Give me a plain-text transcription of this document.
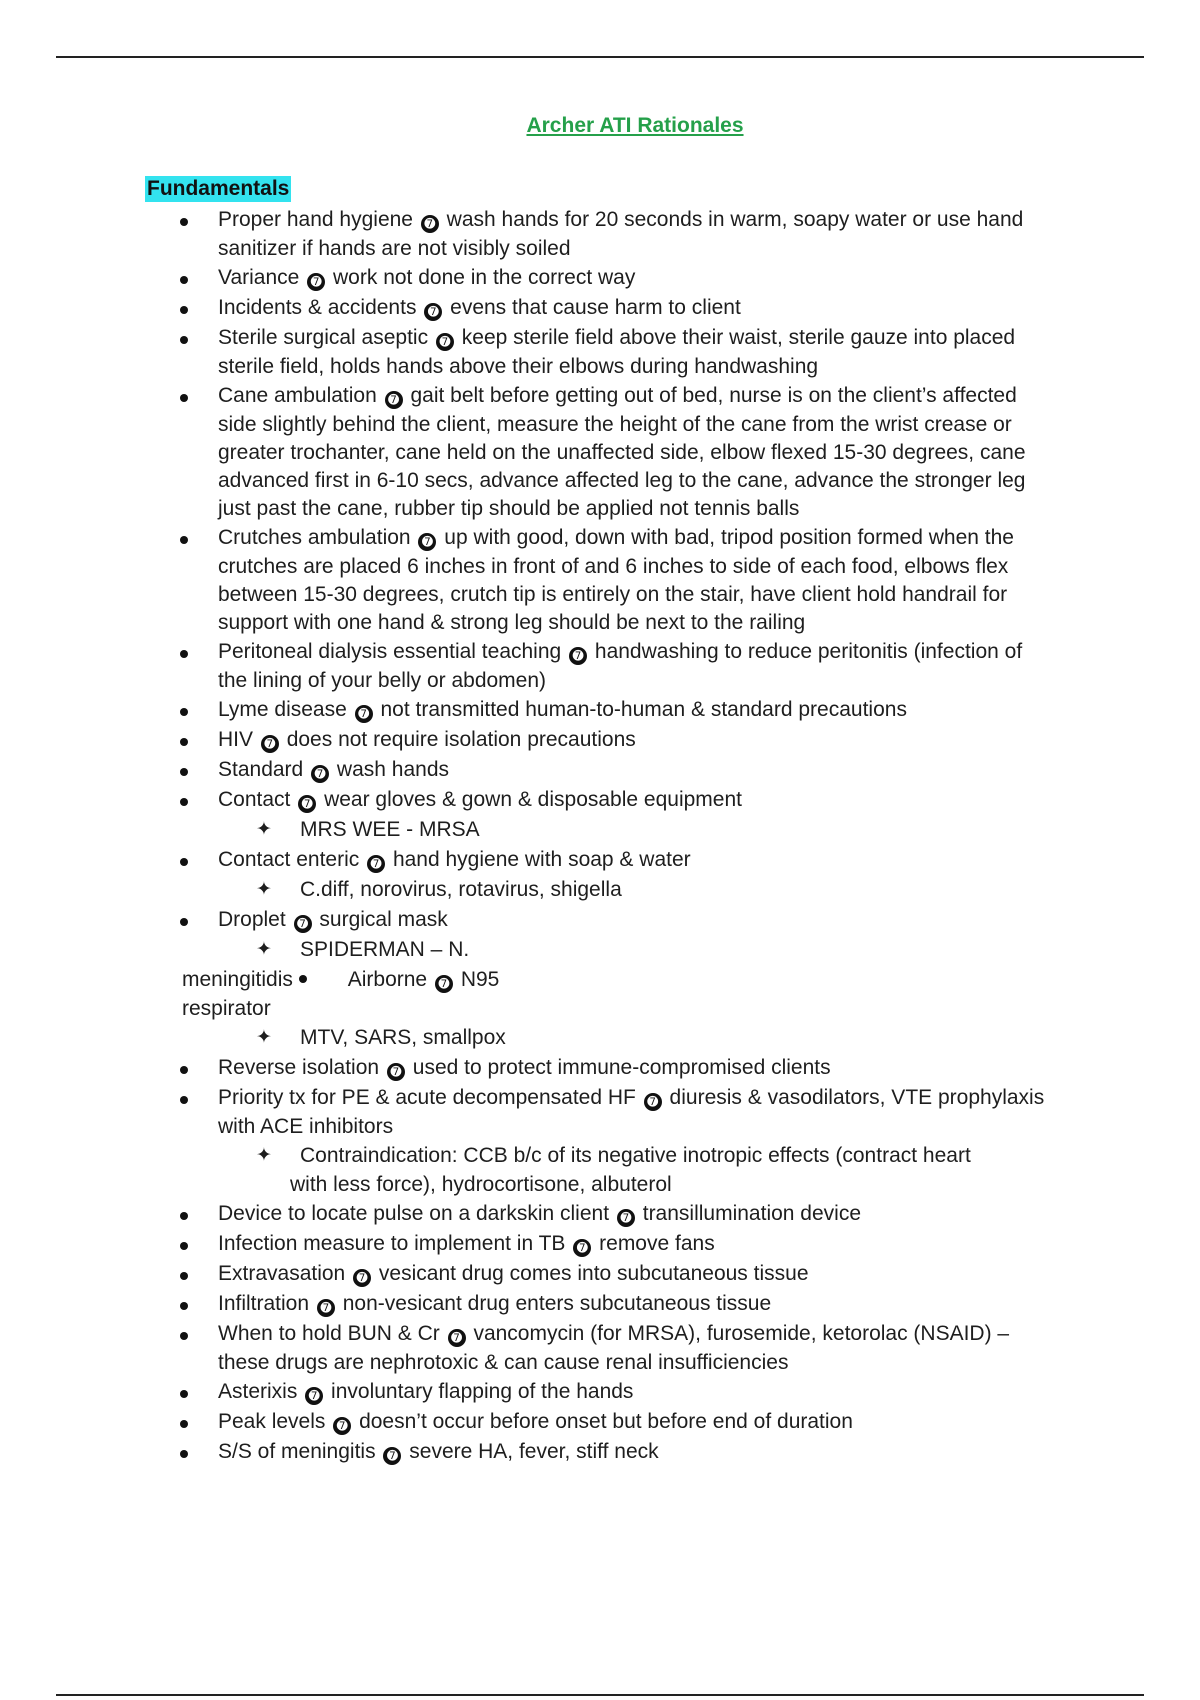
Archer ATI Rationales
Fundamentals
Proper hand hygiene ➐ wash hands for 20 seconds in warm, soapy water or use hand
sanitizer if hands are not visibly soiled
Variance ➐ work not done in the correct way
Incidents & accidents ➐ evens that cause harm to client
Sterile surgical aseptic ➐ keep sterile field above their waist, sterile gauze into placed
sterile field, holds hands above their elbows during handwashing
Cane ambulation ➐ gait belt before getting out of bed, nurse is on the client’s affected
side slightly behind the client, measure the height of the cane from the wrist crease or
greater trochanter, cane held on the unaffected side, elbow flexed 15-30 degrees, cane
advanced first in 6-10 secs, advance affected leg to the cane, advance the stronger leg
just past the cane, rubber tip should be applied not tennis balls
Crutches ambulation ➐ up with good, down with bad, tripod position formed when the
crutches are placed 6 inches in front of and 6 inches to side of each food, elbows flex
between 15-30 degrees, crutch tip is entirely on the stair, have client hold handrail for
support with one hand & strong leg should be next to the railing
Peritoneal dialysis essential teaching ➐ handwashing to reduce peritonitis (infection of
the lining of your belly or abdomen)
Lyme disease ➐ not transmitted human-to-human & standard precautions
HIV ➐ does not require isolation precautions
Standard ➐ wash hands
Contact ➐ wear gloves & gown & disposable equipment
✦ MRS WEE - MRSA
Contact enteric ➐ hand hygiene with soap & water
✦ C.diff, norovirus, rotavirus, shigella
Droplet ➐ surgical mask
✦ SPIDERMAN – N.
meningitidis	Airborne ➐ N95
respirator
✦ MTV, SARS, smallpox
Reverse isolation ➐ used to protect immune-compromised clients
Priority tx for PE & acute decompensated HF ➐ diuresis & vasodilators, VTE prophylaxis
with ACE inhibitors
✦ Contraindication: CCB b/c of its negative inotropic effects (contract heart
with less force), hydrocortisone, albuterol
Device to locate pulse on a darkskin client ➐ transillumination device
Infection measure to implement in TB ➐ remove fans
Extravasation ➐ vesicant drug comes into subcutaneous tissue
Infiltration ➐ non-vesicant drug enters subcutaneous tissue
When to hold BUN & Cr ➐ vancomycin (for MRSA), furosemide, ketorolac (NSAID) –
these drugs are nephrotoxic & can cause renal insufficiencies
Asterixis ➐ involuntary flapping of the hands
Peak levels ➐ doesn’t occur before onset but before end of duration
S/S of meningitis ➐ severe HA, fever, stiff neck
